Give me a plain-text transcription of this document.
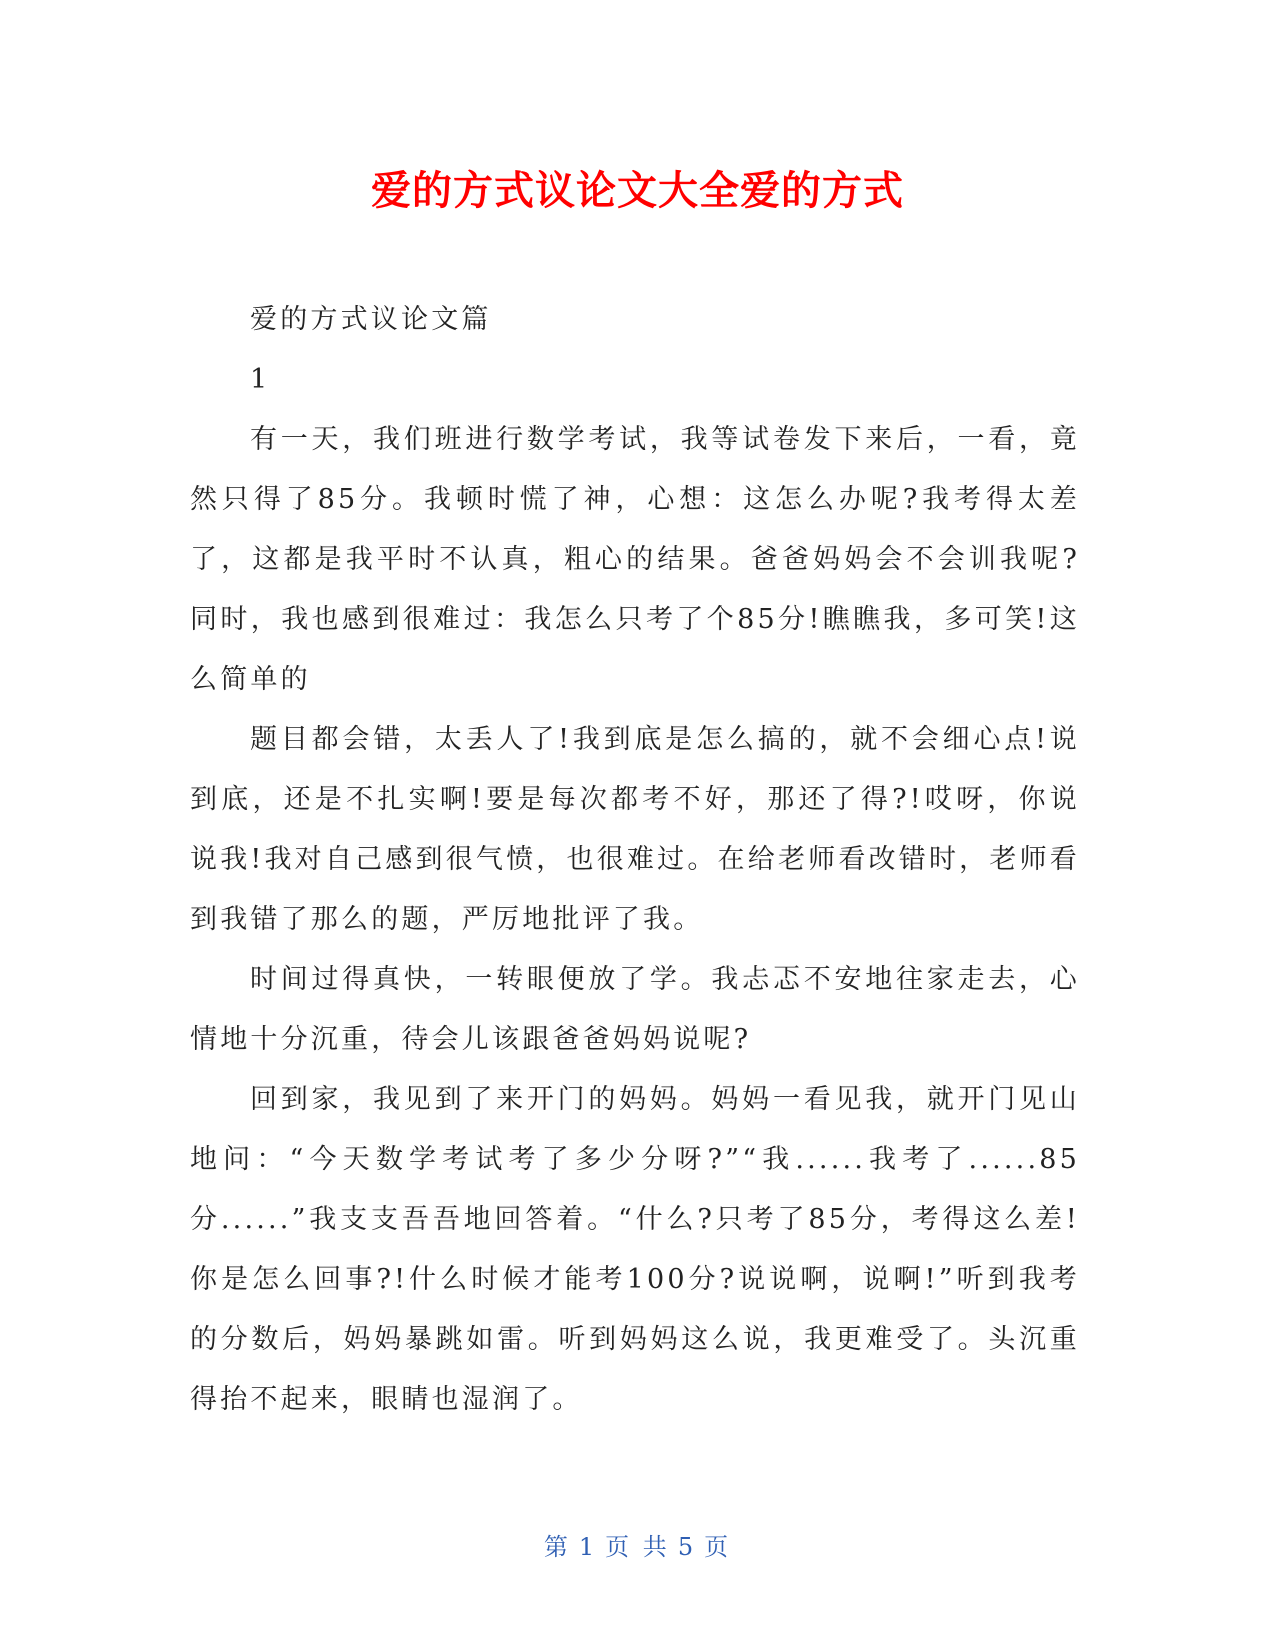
爱的方式议论文大全爱的方式

爱的方式议论文篇

1

有一天，我们班进行数学考试，我等试卷发下来后，一看，竟然只得了85分。我顿时慌了神，心想：这怎么办呢?我考得太差了，这都是我平时不认真，粗心的结果。爸爸妈妈会不会训我呢?同时，我也感到很难过：我怎么只考了个85分!瞧瞧我，多可笑!这么简单的

题目都会错，太丢人了!我到底是怎么搞的，就不会细心点!说到底，还是不扎实啊!要是每次都考不好，那还了得?!哎呀，你说说我!我对自己感到很气愤，也很难过。在给老师看改错时，老师看到我错了那么的题，严厉地批评了我。

时间过得真快，一转眼便放了学。我忐忑不安地往家走去，心情地十分沉重，待会儿该跟爸爸妈妈说呢?

回到家，我见到了来开门的妈妈。妈妈一看见我，就开门见山地问：“今天数学考试考了多少分呀?”“我......我考了......85分......”我支支吾吾地回答着。“什么?只考了85分，考得这么差!你是怎么回事?!什么时候才能考100分?说说啊，说啊!”听到我考的分数后，妈妈暴跳如雷。听到妈妈这么说，我更难受了。头沉重得抬不起来，眼睛也湿润了。

第 1 页 共 5 页
